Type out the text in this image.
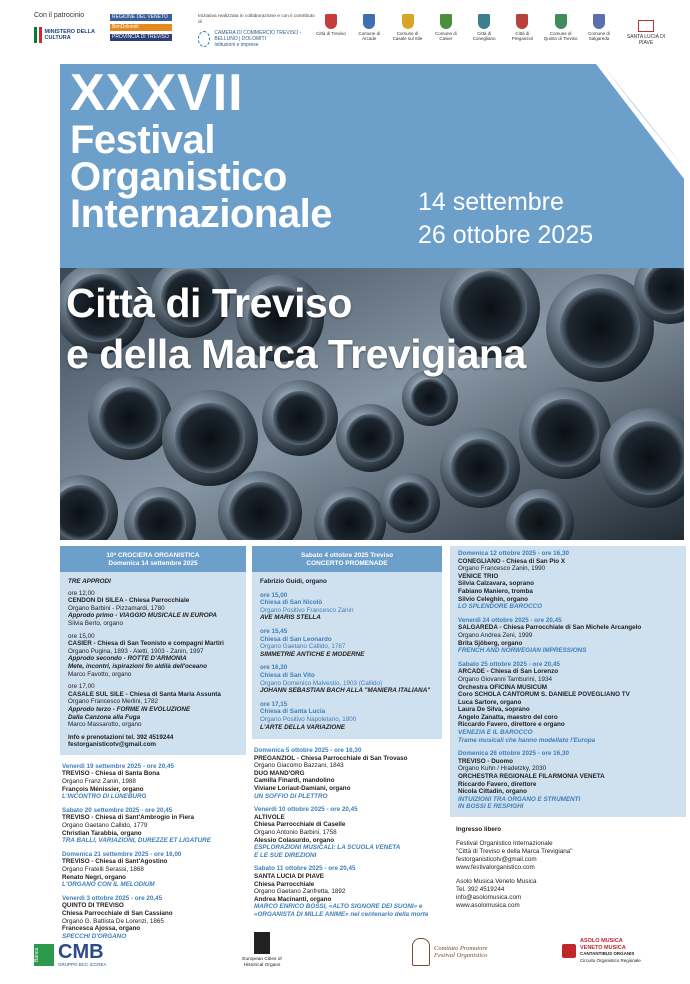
Con il patrocinio
MINISTERO DELLA CULTURA
REGIONE DEL VENETO
BimDolomiti
PROVINCIA DI TREVISO
Iniziativa realizzata in collaborazione e con il contributo di
CAMERA DI COMMERCIO TREVISO - BELLUNO | DOLOMITI
Istituzioni e imprese
Città di Treviso	Comune di Arcade
Comune di Casale sul Sile
Comune di Casier
Città di Conegliano
Città di Preganziol
Comune di Quinto di Treviso
Comune di Salgareda	SANTA LUCIA DI PIAVE
XXXVII
Festival
Organistico
Internazionale	14 settembre
26 ottobre 2025
Città di Treviso
e della Marca Trevigiana
10ª CROCIERA ORGANISTICA
Domenica 14 settembre 2025
TRE APPRODI
ore 12,00
CENDON DI SILEA - Chiesa Parrocchiale
Organo Barbini - Pizzamardi, 1780
Approdo primo - VIAGGIO MUSICALE IN EUROPA
Silvia Berto, organo
ore 15,00
CASIER - Chiesa di San Teonisto e compagni Martiri
Organo Pugina, 1893 - Aletti, 1903 - Zanin, 1997
Approdo secondo - ROTTE D'ARMONIA
Mete, incontri, ispirazioni fin aldilà dell'oceano
Marco Favotto, organo
ore 17,00
CASALE SUL SILE - Chiesa di Santa Maria Assunta
Organo Francesco Merlini, 1782
Approdo terzo - FORME IN EVOLUZIONE
Dalla Canzona alla Fuga
Marco Massarotto, organo
Info e prenotazioni tel. 392 4519244
festorganisticotv@gmail.com
Venerdì 19 settembre 2025 - ore 20,45
TREVISO - Chiesa di Santa Bona
Organo Franz Zanin, 1988
François Ménissier, organo
L'INCONTRO DI LÜNEBURG
Sabato 20 settembre 2025 - ore 20,45
TREVISO - Chiesa di Sant'Ambrogio in Fiera
Organo Gaetano Callido, 1779
Christian Tarabbia, organo
TRA BALLI, VARIAZIONI, DUREZZE ET LIGATURE
Domenica 21 settembre 2025 - ore 16,00
TREVISO - Chiesa di Sant'Agostino
Organo Fratelli Serassi, 1868
Renato Negri, organo
L'ORGANO CON IL MELODIUM
Venerdì 3 ottobre 2025 - ore 20,45
QUINTO DI TREVISO
Chiesa Parrocchiale di San Cassiano
Organo G. Battista De Lorenzi, 1865
Francesca Ajossa, organo
SPECCHI D'ORGANO
Sabato 4 ottobre 2025 Treviso
CONCERTO PROMENADE
Fabrizio Guidi, organo
ore 15,00
Chiesa di San Nicolò
Organo Positivo Francesco Zanin
AVE MARIS STELLA
ore 15,45
Chiesa di San Leonardo
Organo Gaetano Callido, 1787
SIMMETRIE ANTICHE E MODERNE
ore 16,30
Chiesa di San Vito
Organo Domenico Malvestio, 1903 (Callido)
JOHANN SEBASTIAN BACH ALLA "MANIERA ITALIANA"
ore 17,15
Chiesa di Santa Lucia
Organo Positivo Napoletano, 1800
L'ARTE DELLA VARIAZIONE
Domenica 5 ottobre 2025 - ore 16,30
PREGANZIOL - Chiesa Parrocchiale di San Trovaso
Organo Giacomo Bazzani, 1843
DUO MAND'ORG
Camilla Finardi, mandolino
Viviane Loriaut-Damiani, organo
UN SOFFIO DI PLETTRO
Venerdì 10 ottobre 2025 - ore 20,45
ALTIVOLE
Chiesa Parrocchiale di Caselle
Organo Antonio Barbini, 1758
Alessio Colasurdo, organo
ESPLORAZIONI MUSICALI: LA SCUOLA VENETA
E LE SUE DIREZIONI
Sabato 11 ottobre 2025 - ore 20,45
SANTA LUCIA DI PIAVE
Chiesa Parrocchiale
Organo Gaetano Zanfretta, 1892
Andrea Macinanti, organo
MARCO ENRICO BOSSI, «ALTO SIGNORE DEI SUONI» e
«ORGANISTA DI MILLE ANIME» nel centenario della morte
Domenica 12 ottobre 2025 - ore 16,30
CONEGLIANO - Chiesa di San Pio X
Organo Francesco Zanin, 1990
VENICE TRIO
Silvia Calzavara, soprano
Fabiano Maniero, tromba
Silvio Celeghin, organo
LO SPLENDORE BAROCCO
Venerdì 24 ottobre 2025 - ore 20,45
SALGAREDA - Chiesa Parrocchiale di San Michele Arcangelo
Organo Andrea Zeni, 1999
Brita Sjöberg, organo
FRENCH AND NORWEGIAN IMPRESSIONS
Sabato 25 ottobre 2025 - ore 20,45
ARCADE - Chiesa di San Lorenzo
Organo Giovanni Tamburini, 1934
Orchestra OFICINA MUSICUM
Coro SCHOLA CANTORUM S. DANIELE POVEGLIANO TV
Luca Sartore, organo
Laura De Silva, soprano
Angelo Zanatta, maestro del coro
Riccardo Favero, direttore e organo
VENEZIA E IL BAROCCO
Trame musicali che hanno modellato l'Europa
Domenica 26 ottobre 2025 - ore 16,30
TREVISO - Duomo
Organo Kuhn / Hradetzky, 2030
ORCHESTRA REGIONALE FILARMONIA VENETA
Riccardo Favero, direttore
Nicola Cittadin, organo
INTUIZIONI TRA ORGANO E STRUMENTI
IN BOSSI E RESPIGHI
Ingresso libero
Festival Organistico Internazionale
"Città di Treviso e della Marca Trevigiana"
festorganisticotv@gmail.com
www.festivalorganistico.com
Asolo Musica Veneto Musica
Tel. 392 4519244
info@asolomusica.com
www.asolomusica.com
Banca CMB
GRUPPO BCC ICCREA
European Cities of Historical Organs
Comitato Promotore Festival Organistico
ASOLO MUSICA
VENETO MUSICA
CANTANTIBUS ORGANIS
Circuito Organistico Regionale
